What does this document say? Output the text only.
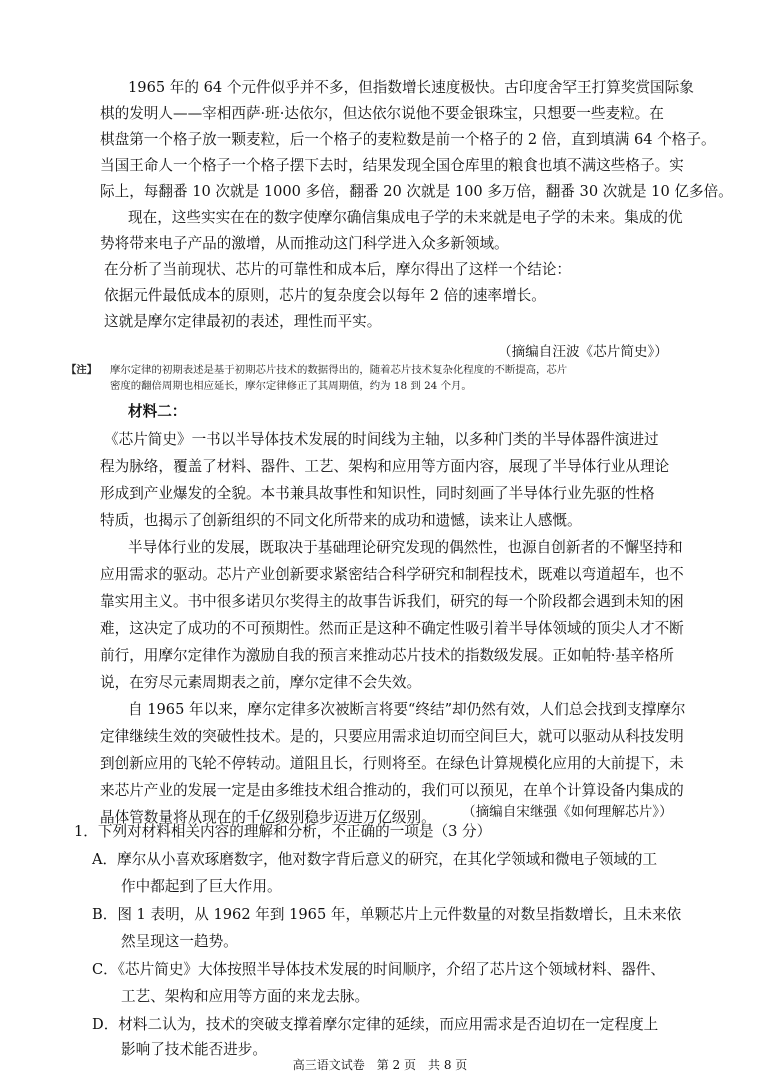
1965 年的 64 个元件似乎并不多，但指数增长速度极快。古印度舍罕王打算奖赏国际象
棋的发明人——宰相西萨·班·达依尔，但达依尔说他不要金银珠宝，只想要一些麦粒。在
棋盘第一个格子放一颗麦粒，后一个格子的麦粒数是前一个格子的 2 倍，直到填满 64 个格子。
当国王命人一个格子一个格子摆下去时，结果发现全国仓库里的粮食也填不满这些格子。实
际上，每翻番 10 次就是 1000 多倍，翻番 20 次就是 100 多万倍，翻番 30 次就是 10 亿多倍。
现在，这些实实在在的数字使摩尔确信集成电子学的未来就是电子学的未来。集成的优
势将带来电子产品的激增，从而推动这门科学进入众多新领域。
在分析了当前现状、芯片的可靠性和成本后，摩尔得出了这样一个结论：
依据元件最低成本的原则，芯片的复杂度会以每年 2 倍的速率增长。
这就是摩尔定律最初的表述，理性而平实。
（摘编自汪波《芯片简史》）
【注】 摩尔定律的初期表述是基于初期芯片技术的数据得出的，随着芯片技术复杂化程度的不断提高，芯片
密度的翻倍周期也相应延长，摩尔定律修正了其周期值，约为 18 到 24 个月。
材料二：
《芯片简史》一书以半导体技术发展的时间线为主轴，以多种门类的半导体器件演进过
程为脉络，覆盖了材料、器件、工艺、架构和应用等方面内容，展现了半导体行业从理论
形成到产业爆发的全貌。本书兼具故事性和知识性，同时刻画了半导体行业先驱的性格
特质，也揭示了创新组织的不同文化所带来的成功和遗憾，读来让人感慨。
半导体行业的发展，既取决于基础理论研究发现的偶然性，也源自创新者的不懈坚持和
应用需求的驱动。芯片产业创新要求紧密结合科学研究和制程技术，既难以弯道超车，也不
靠实用主义。书中很多诺贝尔奖得主的故事告诉我们，研究的每一个阶段都会遇到未知的困
难，这决定了成功的不可预期性。然而正是这种不确定性吸引着半导体领域的顶尖人才不断
前行，用摩尔定律作为激励自我的预言来推动芯片技术的指数级发展。正如帕特·基辛格所
说，在穷尽元素周期表之前，摩尔定律不会失效。
自 1965 年以来，摩尔定律多次被断言将要“终结”却仍然有效，人们总会找到支撑摩尔
定律继续生效的突破性技术。是的，只要应用需求迫切而空间巨大，就可以驱动从科技发明
到创新应用的飞轮不停转动。道阻且长，行则将至。在绿色计算规模化应用的大前提下，未
来芯片产业的发展一定是由多维技术组合推动的，我们可以预见，在单个计算设备内集成的
晶体管数量将从现在的千亿级别稳步迈进万亿级别。 （摘编自宋继强《如何理解芯片》）
1．下列对材料相关内容的理解和分析，不正确的一项是（3 分）
A．摩尔从小喜欢琢磨数字，他对数字背后意义的研究，在其化学领域和微电子领域的工
作中都起到了巨大作用。
B．图 1 表明，从 1962 年到 1965 年，单颗芯片上元件数量的对数呈指数增长，且未来依
然呈现这一趋势。
C．《芯片简史》大体按照半导体技术发展的时间顺序，介绍了芯片这个领域材料、器件、
工艺、架构和应用等方面的来龙去脉。
D．材料二认为，技术的突破支撑着摩尔定律的延续，而应用需求是否迫切在一定程度上
影响了技术能否进步。
高三语文试卷　第 2 页　共 8 页
